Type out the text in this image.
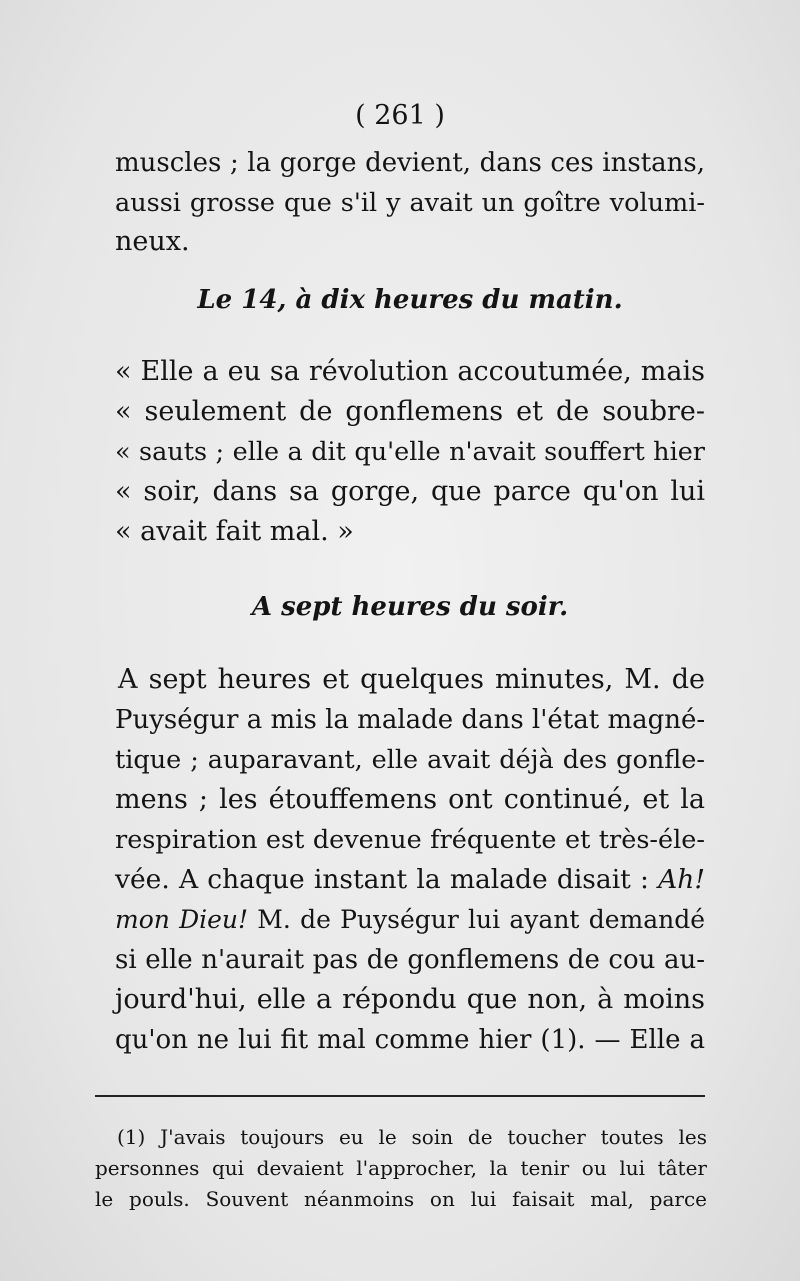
( 261 )
muscles ; la gorge devient, dans ces instans,
aussi grosse que s'il y avait un goître volumi-
neux.
Le 14, à dix heures du matin.
« Elle a eu sa révolution accoutumée, mais
« seulement de gonflemens et de soubre-
« sauts ; elle a dit qu'elle n'avait souffert hier
« soir, dans sa gorge, que parce qu'on lui
« avait fait mal. »
A sept heures du soir.
A sept heures et quelques minutes, M. de
Puységur a mis la malade dans l'état magné-
tique ; auparavant, elle avait déjà des gonfle-
mens ; les étouffemens ont continué, et la
respiration est devenue fréquente et très-éle-
vée. A chaque instant la malade disait : Ah!
mon Dieu! M. de Puységur lui ayant demandé
si elle n'aurait pas de gonflemens de cou au-
jourd'hui, elle a répondu que non, à moins
qu'on ne lui fit mal comme hier (1). — Elle a
(1) J'avais toujours eu le soin de toucher toutes les
personnes qui devaient l'approcher, la tenir ou lui tâter
le pouls. Souvent néanmoins on lui faisait mal, parce
